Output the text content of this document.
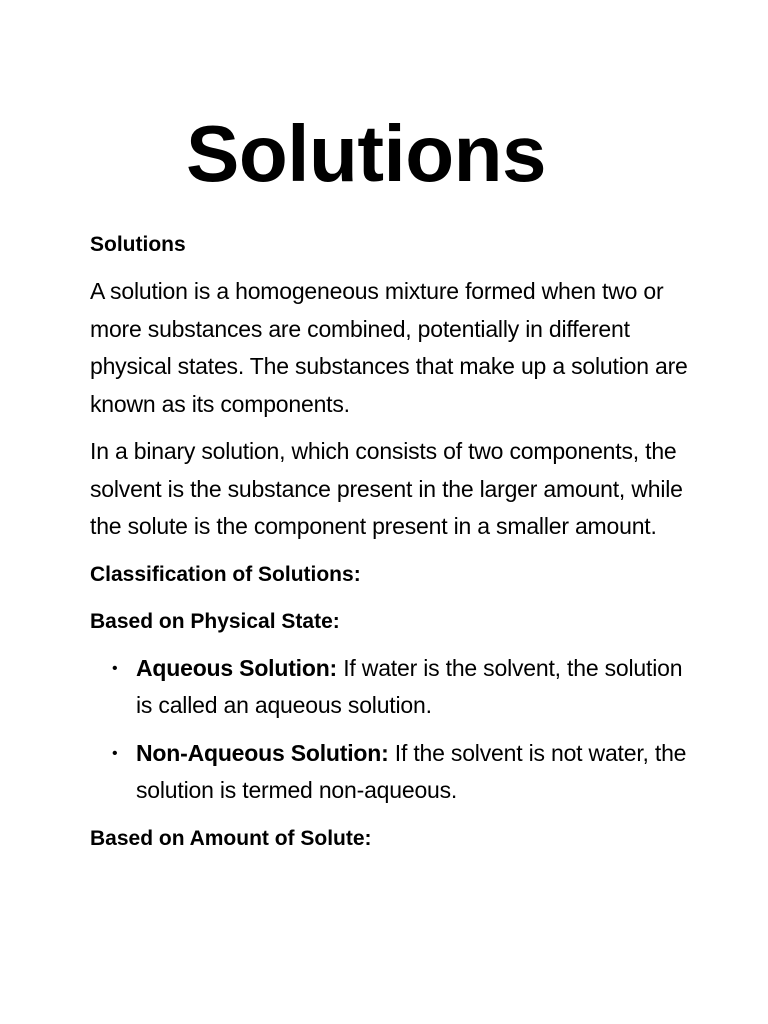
Solutions
Solutions

A solution is a homogeneous mixture formed when two or more substances are combined, potentially in different physical states. The substances that make up a solution are known as its components.

In a binary solution, which consists of two components, the solvent is the substance present in the larger amount, while the solute is the component present in a smaller amount.

Classification of Solutions:
Based on Physical State:
• Aqueous Solution: If water is the solvent, the solution is called an aqueous solution.
• Non-Aqueous Solution: If the solvent is not water, the solution is termed non-aqueous.
Based on Amount of Solute:
